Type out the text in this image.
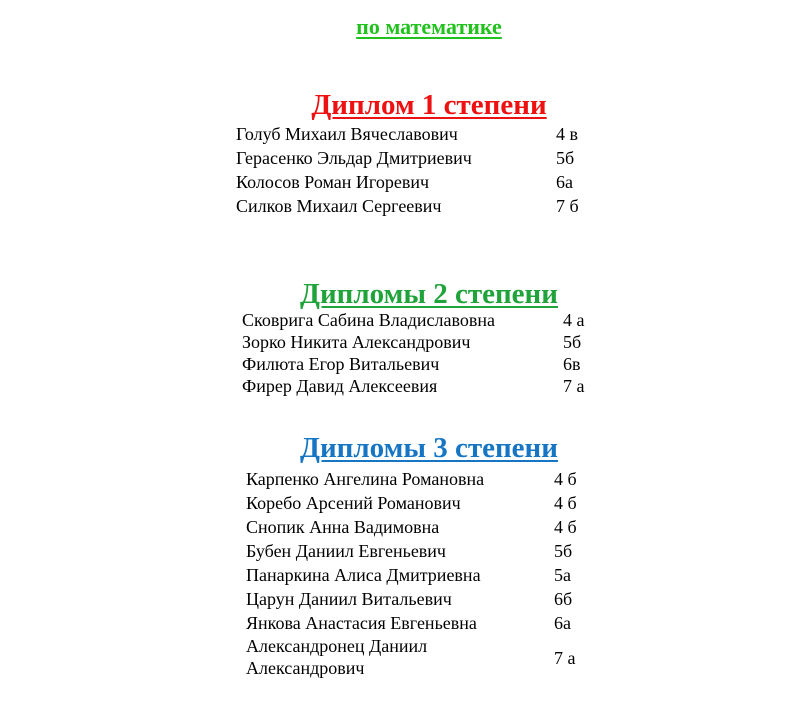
по математике
Диплом 1 степени
Голуб Михаил Вячеславович	4 в
Герасенко Эльдар Дмитриевич	5б
Колосов Роман Игоревич	6а
Силков Михаил Сергеевич	7 б
Дипломы 2 степени
Сковрига Сабина Владиславовна	4 а
Зорко Никита Александрович	5б
Филюта Егор Витальевич	6в
Фирер Давид Алексеевия	7 а
Дипломы 3 степени
Карпенко Ангелина Романовна	4 б
Коребо Арсений Романович	4 б
Снопик Анна Вадимовна	4 б
Бубен Даниил Евгеньевич	5б
Панаркина Алиса Дмитриевна	5а
Царун Даниил Витальевич	6б
Янкова Анастасия Евгеньевна	6а
Александронец Даниил Александрович	7 а
